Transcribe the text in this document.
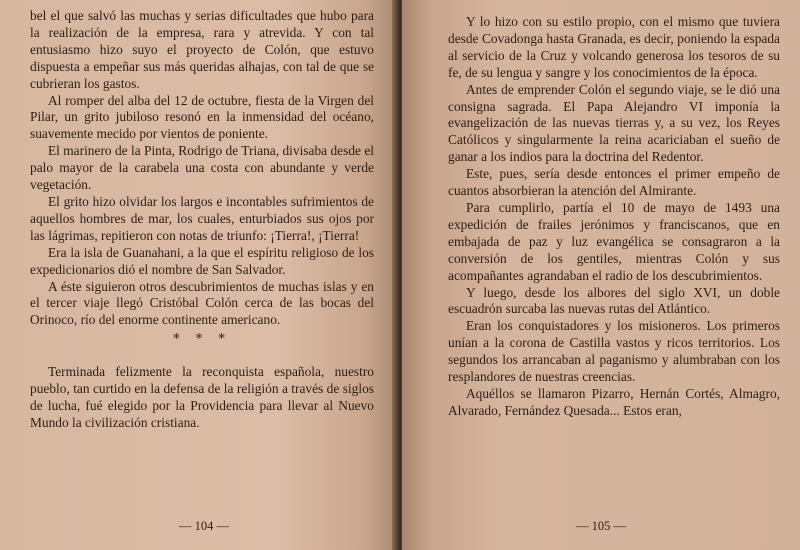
bel el que salvó las muchas y serias dificultades que hubo para la realización de la empresa, rara y atrevida. Y con tal entusiasmo hizo suyo el proyecto de Colón, que estuvo dispuesta a empeñar sus más queridas alhajas, con tal de que se cubrieran los gastos.

Al romper del alba del 12 de octubre, fiesta de la Virgen del Pilar, un grito jubiloso resonó en la inmensidad del océano, suavemente mecido por vientos de poniente.

El marinero de la Pinta, Rodrigo de Triana, divisaba desde el palo mayor de la carabela una costa con abundante y verde vegetación.

El grito hizo olvidar los largos e incontables sufrimientos de aquellos hombres de mar, los cuales, enturbiados sus ojos por las lágrimas, repitieron con notas de triunfo: ¡Tierra!, ¡Tierra!

Era la isla de Guanahani, a la que el espíritu religioso de los expedicionarios dió el nombre de San Salvador.

A éste siguieron otros descubrimientos de muchas islas y en el tercer viaje llegó Cristóbal Colón cerca de las bocas del Orinoco, río del enorme continente americano.

* * *

Terminada felizmente la reconquista española, nuestro pueblo, tan curtido en la defensa de la religión a través de siglos de lucha, fué elegido por la Providencia para llevar al Nuevo Mundo la civilización cristiana.

— 104 —

Y lo hizo con su estilo propio, con el mismo que tuviera desde Covadonga hasta Granada, es decir, poniendo la espada al servicio de la Cruz y volcando generosa los tesoros de su fe, de su lengua y sangre y los conocimientos de la época.

Antes de emprender Colón el segundo viaje, se le dió una consigna sagrada. El Papa Alejandro VI imponía la evangelización de las nuevas tierras y, a su vez, los Reyes Católicos y singularmente la reina acariciaban el sueño de ganar a los indios para la doctrina del Redentor.

Este, pues, sería desde entonces el primer empeño de cuantos absorbieran la atención del Almirante.

Para cumplirlo, partía el 10 de mayo de 1493 una expedición de frailes jerónimos y franciscanos, que en embajada de paz y luz evangélica se consagraron a la conversión de los gentiles, mientras Colón y sus acompañantes agrandaban el radio de los descubrimientos.

Y luego, desde los albores del siglo XVI, un doble escuadrón surcaba las nuevas rutas del Atlántico.

Eran los conquistadores y los misioneros. Los primeros unían a la corona de Castilla vastos y ricos territorios. Los segundos los arrancaban al paganismo y alumbraban con los resplandores de nuestras creencias.

Aquéllos se llamaron Pizarro, Hernán Cortés, Almagro, Alvarado, Fernández Quesada... Estos eran,

— 105 —
